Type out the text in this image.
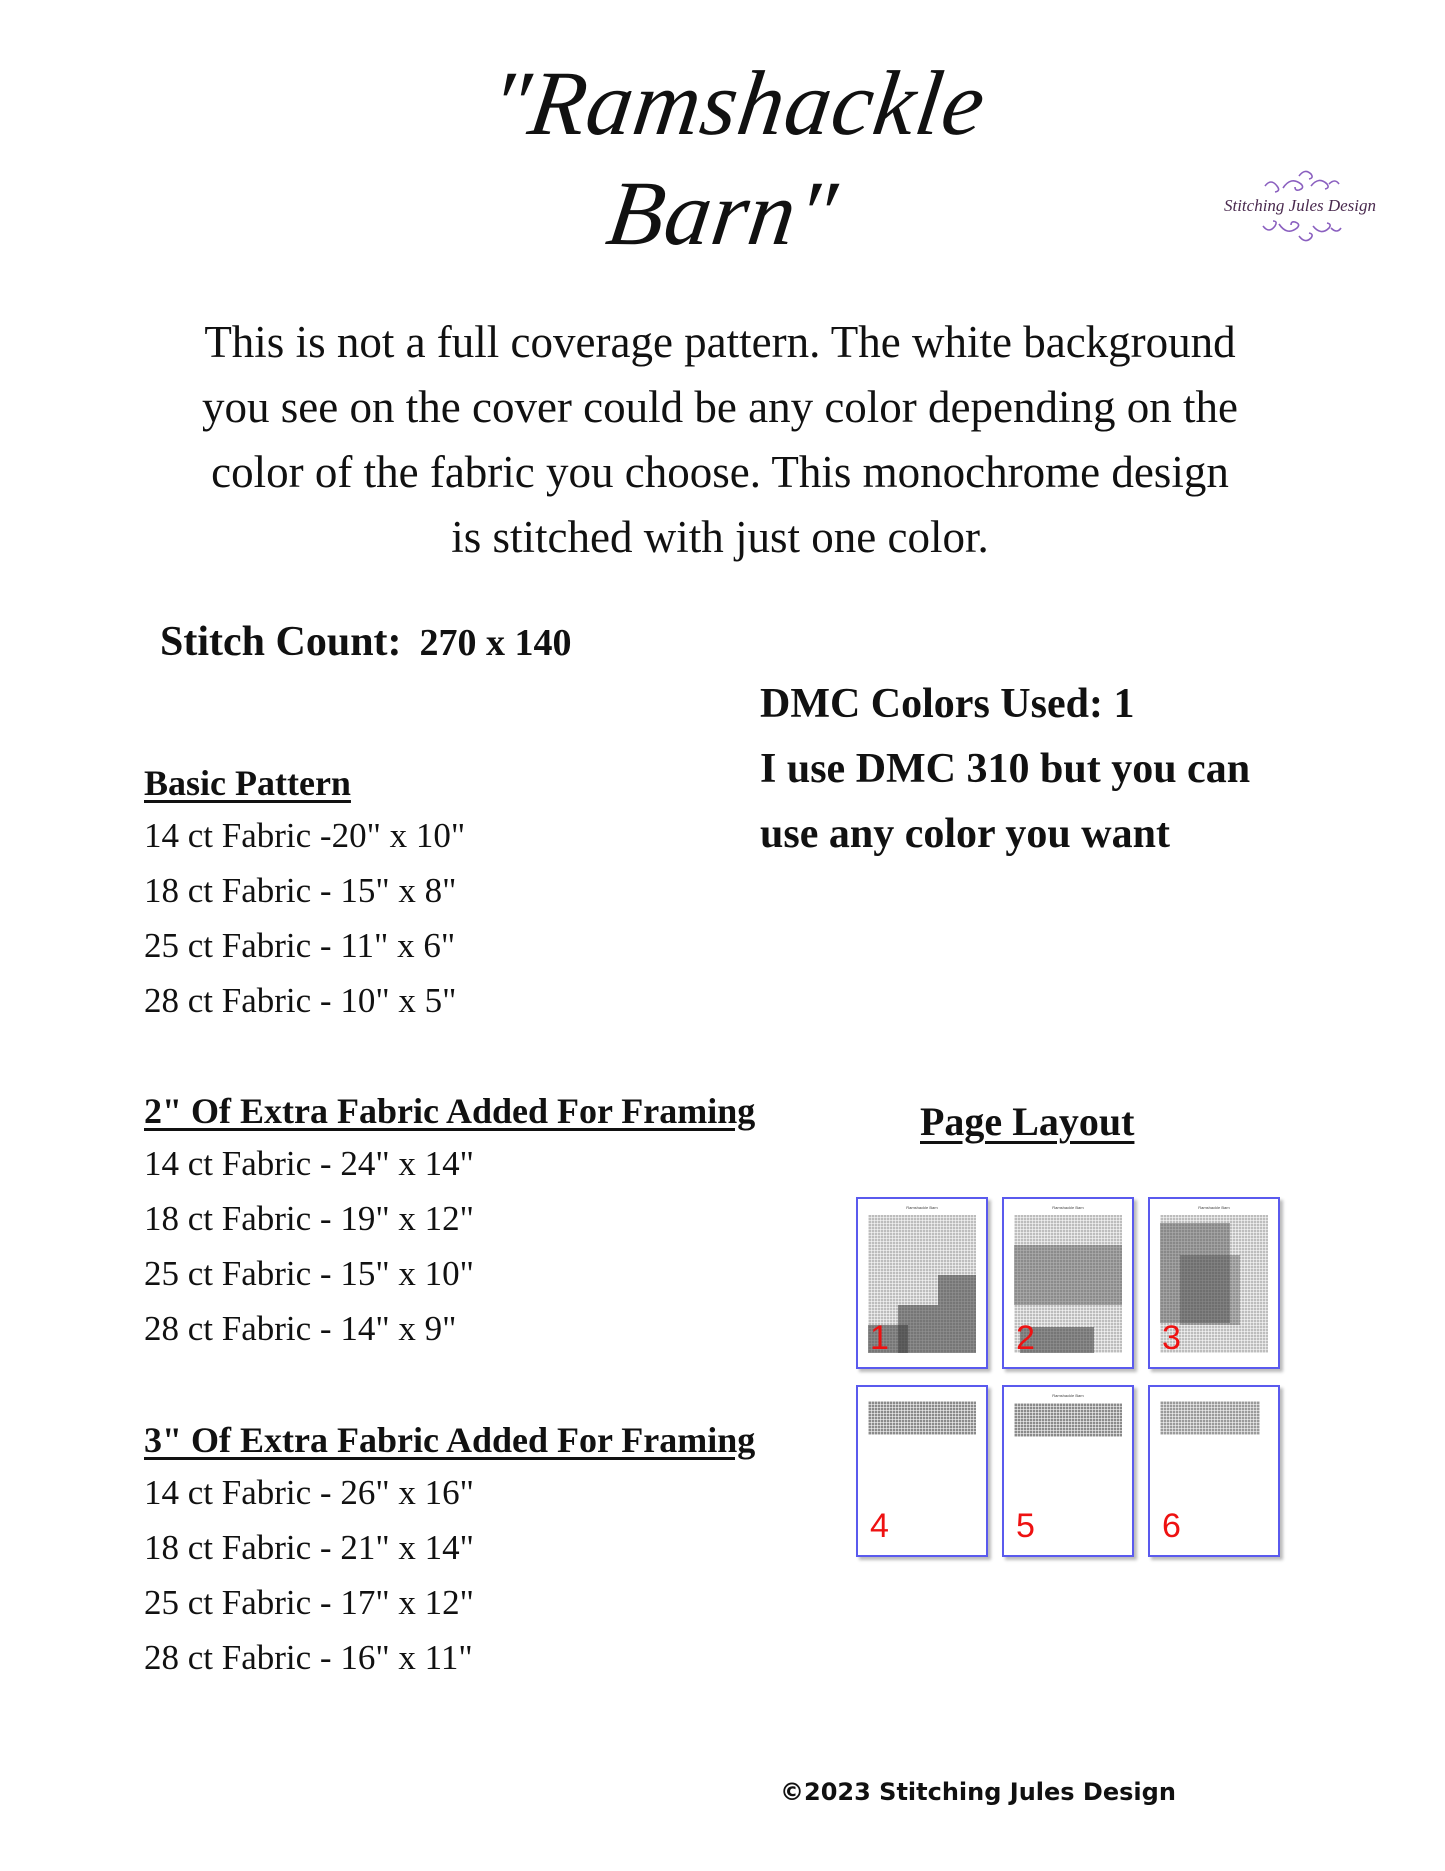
"Ramshackle Barn"	Stitching Jules Design
This is not a full coverage pattern. The white background
you see on the cover could be any color depending on the
color of the fabric you choose. This monochrome design
is stitched with just one color.
Stitch Count: 270 x 140
DMC Colors Used: 1
I use DMC 310 but you can
use any color you want
Basic Pattern
14 ct Fabric -20" x 10"
18 ct Fabric - 15" x 8"
25 ct Fabric - 11" x 6"
28 ct Fabric - 10" x 5"
2" Of Extra Fabric Added For Framing
14 ct Fabric - 24" x 14"
18 ct Fabric - 19" x 12"
25 ct Fabric - 15" x 10"
28 ct Fabric - 14" x 9"
3" Of Extra Fabric Added For Framing
14 ct Fabric - 26" x 16"
18 ct Fabric - 21" x 14"
25 ct Fabric - 17" x 12"
28 ct Fabric - 16" x 11"
Page Layout
Ramshackle Barn
1
Ramshackle Barn
2
Ramshackle Barn
3
4
Ramshackle Barn
5	6
©2023 Stitching Jules Design
